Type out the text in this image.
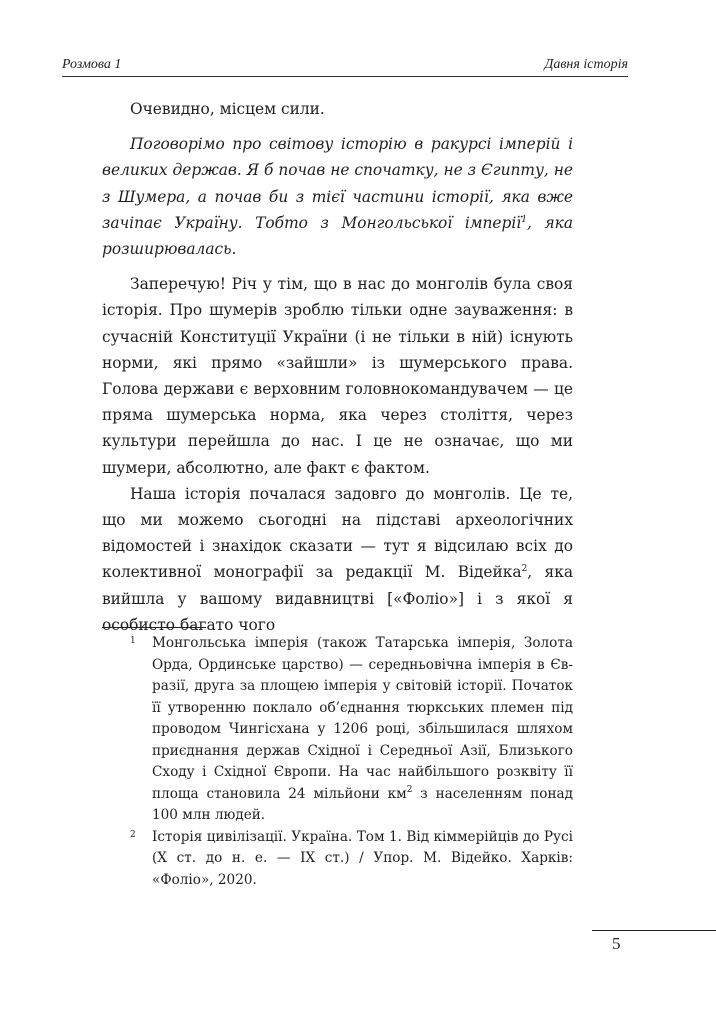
Розмова 1	Давня історія

Очевидно, місцем сили.

Поговорімо про світову історію в ракурсі імперій і великих держав. Я б почав не спочатку, не з Єгипту, не з Шумера, а почав би з тієї частини історії, яка вже зачіпає Україну. Тобто з Монгольської імперії$^1$, яка розширювалась.

Заперечую! Річ у тім, що в нас до монголів була своя історія. Про шумерів зроблю тільки одне зауваження: в сучасній Конституції України (і не тільки в ній) існують норми, які прямо «зайшли» із шумерського права. Голова держави є верховним головнокомандувачем — це пряма шумерська норма, яка через століття, через культури перейшла до нас. І це не означає, що ми шумери, абсолютно, але факт є фактом.

Наша історія почалася задовго до монголів. Це те, що ми можемо сьогодні на підставі археологічних відомостей і знахідок сказати — тут я відсилаю всіх до колективної монографії за редакції М. Відейка$^2$, яка вийшла у вашому видавництві [«Фоліо»] і з якої я особисто багато чого

1	Монгольська імперія (також Татарська імперія, Золота Орда, Ординське царство) — середньовічна імперія в Євразії, друга за площею імперія у світовій історії. Початок її утворенню поклало об’єднання тюркських племен під проводом Чингісхана у 1206 році, збільшилася шляхом приєднання держав Східної і Середньої Азії, Близького Сходу і Східної Європи. На час найбільшого розквіту її площа становила 24 мільйони $км^2$ з населенням понад 100 млн людей.
2	Історія цивілізації. Україна. Том 1. Від кіммерійців до Русі (Х ст. до н. е. — ІХ ст.) / Упор. М. Відейко. Харків: «Фоліо», 2020.
5
